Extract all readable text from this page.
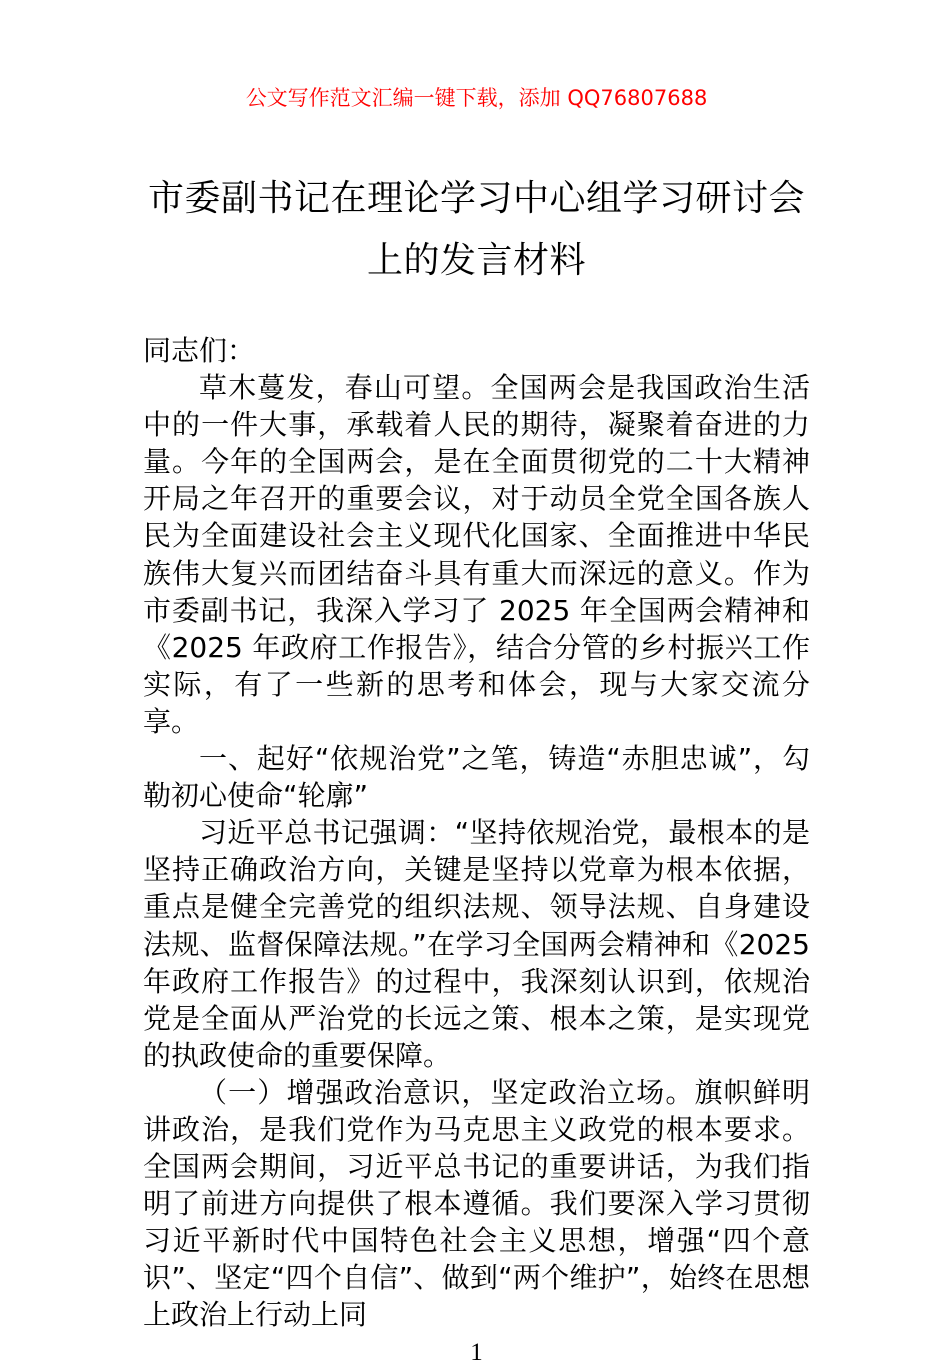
公文写作范文汇编一键下载，添加 QQ76807688
市委副书记在理论学习中心组学习研讨会上的发言材料

同志们：

草木蔓发，春山可望。全国两会是我国政治生活中的一件大事，承载着人民的期待，凝聚着奋进的力量。今年的全国两会，是在全面贯彻党的二十大精神开局之年召开的重要会议，对于动员全党全国各族人民为全面建设社会主义现代化国家、全面推进中华民族伟大复兴而团结奋斗具有重大而深远的意义。作为市委副书记，我深入学习了 2025 年全国两会精神和《2025 年政府工作报告》，结合分管的乡村振兴工作实际，有了一些新的思考和体会，现与大家交流分享。

一、起好“依规治党”之笔，铸造“赤胆忠诚”，勾勒初心使命“轮廓”

习近平总书记强调：“坚持依规治党，最根本的是坚持正确政治方向，关键是坚持以党章为根本依据，重点是健全完善党的组织法规、领导法规、自身建设法规、监督保障法规。”在学习全国两会精神和《2025 年政府工作报告》的过程中，我深刻认识到，依规治党是全面从严治党的长远之策、根本之策，是实现党的执政使命的重要保障。

（一）增强政治意识，坚定政治立场。旗帜鲜明讲政治，是我们党作为马克思主义政党的根本要求。全国两会期间，习近平总书记的重要讲话，为我们指明了前进方向提供了根本遵循。我们要深入学习贯彻习近平新时代中国特色社会主义思想，增强“四个意识”、坚定“四个自信”、做到“两个维护”，始终在思想上政治上行动上同

1
